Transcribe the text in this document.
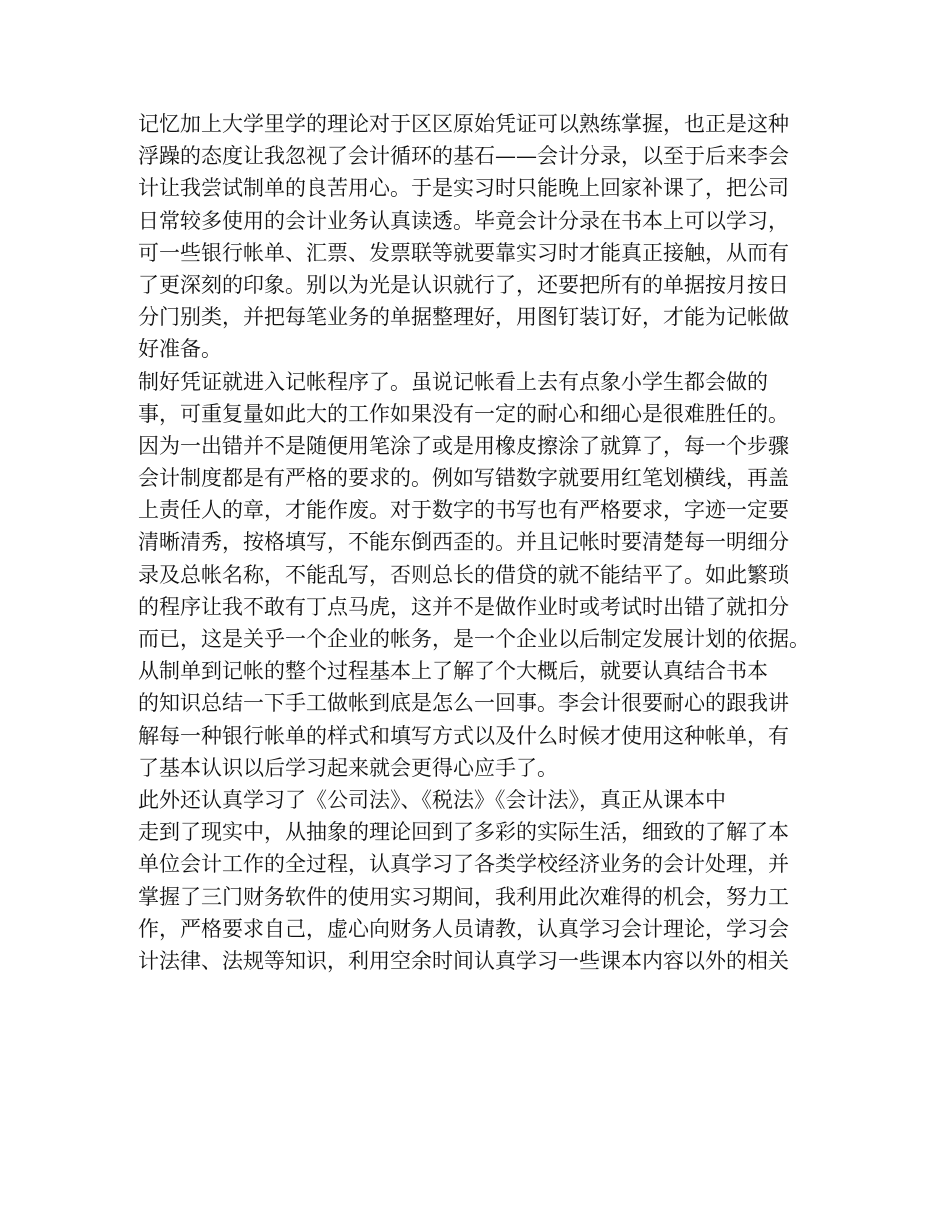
记忆加上大学里学的理论对于区区原始凭证可以熟练掌握，也正是这种
浮躁的态度让我忽视了会计循环的基石——会计分录，以至于后来李会
计让我尝试制单的良苦用心。于是实习时只能晚上回家补课了，把公司
日常较多使用的会计业务认真读透。毕竟会计分录在书本上可以学习，
可一些银行帐单、汇票、发票联等就要靠实习时才能真正接触，从而有
了更深刻的印象。别以为光是认识就行了，还要把所有的单据按月按日
分门别类，并把每笔业务的单据整理好，用图钉装订好，才能为记帐做
好准备。
制好凭证就进入记帐程序了。虽说记帐看上去有点象小学生都会做的
事，可重复量如此大的工作如果没有一定的耐心和细心是很难胜任的。
因为一出错并不是随便用笔涂了或是用橡皮擦涂了就算了，每一个步骤
会计制度都是有严格的要求的。例如写错数字就要用红笔划横线，再盖
上责任人的章，才能作废。对于数字的书写也有严格要求，字迹一定要
清晰清秀，按格填写，不能东倒西歪的。并且记帐时要清楚每一明细分
录及总帐名称，不能乱写，否则总长的借贷的就不能结平了。如此繁琐
的程序让我不敢有丁点马虎，这并不是做作业时或考试时出错了就扣分
而已，这是关乎一个企业的帐务，是一个企业以后制定发展计划的依据。
从制单到记帐的整个过程基本上了解了个大概后，就要认真结合书本
的知识总结一下手工做帐到底是怎么一回事。李会计很要耐心的跟我讲
解每一种银行帐单的样式和填写方式以及什么时候才使用这种帐单，有
了基本认识以后学习起来就会更得心应手了。
此外还认真学习了《公司法》、《税法》《会计法》，真正从课本中
走到了现实中，从抽象的理论回到了多彩的实际生活，细致的了解了本
单位会计工作的全过程，认真学习了各类学校经济业务的会计处理，并
掌握了三门财务软件的使用实习期间，我利用此次难得的机会，努力工
作，严格要求自己，虚心向财务人员请教，认真学习会计理论，学习会
计法律、法规等知识，利用空余时间认真学习一些课本内容以外的相关
